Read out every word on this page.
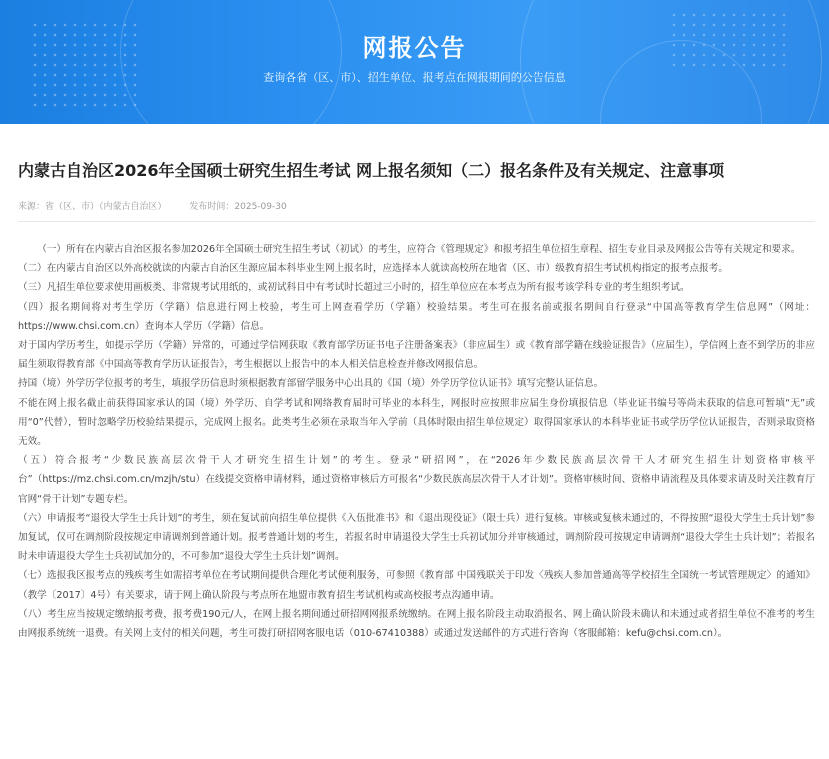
网报公告
查询各省（区、市）、招生单位、报考点在网报期间的公告信息
内蒙古自治区2026年全国硕士研究生招生考试 网上报名须知（二）报名条件及有关规定、注意事项
来源：省（区、市）（内蒙古自治区）	发布时间：2025-09-30

（一）所有在内蒙古自治区报名参加2026年全国硕士研究生招生考试（初试）的考生，应符合《管理规定》和报考招生单位招生章程、招生专业目录及网报公告等有关规定和要求。

（二）在内蒙古自治区以外高校就读的内蒙古自治区生源应届本科毕业生网上报名时，应选择本人就读高校所在地省（区、市）级教育招生考试机构指定的报考点报考。

（三）凡招生单位要求使用画板类、非常规考试用纸的，或初试科目中有考试时长超过三小时的，招生单位应在本考点为所有报考该学科专业的考生组织考试。

（四）报名期间将对考生学历（学籍）信息进行网上校验，考生可上网查看学历（学籍）校验结果。考生可在报名前或报名期间自行登录“中国高等教育学生信息网”（网址：https://www.chsi.com.cn）查询本人学历（学籍）信息。

对于国内学历考生，如提示学历（学籍）异常的，可通过学信网获取《教育部学历证书电子注册备案表》（非应届生）或《教育部学籍在线验证报告》（应届生），学信网上查不到学历的非应届生须取得教育部《中国高等教育学历认证报告》，考生根据以上报告中的本人相关信息检查并修改网报信息。

持国（境）外学历学位报考的考生，填报学历信息时须根据教育部留学服务中心出具的《国（境）外学历学位认证书》填写完整认证信息。

不能在网上报名截止前获得国家承认的国（境）外学历、自学考试和网络教育届时可毕业的本科生，网报时应按照非应届生身份填报信息（毕业证书编号等尚未获取的信息可暂填“无”或用“0”代替），暂时忽略学历校验结果提示，完成网上报名。此类考生必须在录取当年入学前（具体时限由招生单位规定）取得国家承认的本科毕业证书或学历学位认证报告，否则录取资格无效。

（五）符合报考“少数民族高层次骨干人才研究生招生计划”的考生。登录“研招网”，在“2026年少数民族高层次骨干人才研究生招生计划资格审核平台”（https://mz.chsi.com.cn/mzjh/stu）在线提交资格申请材料，通过资格审核后方可报名“少数民族高层次骨干人才计划”。资格审核时间、资格申请流程及具体要求请及时关注教育厅官网“骨干计划”专题专栏。

（六）申请报考“退役大学生士兵计划”的考生，须在复试前向招生单位提供《入伍批准书》和《退出现役证》（限士兵）进行复核。审核或复核未通过的，不得按照“退役大学生士兵计划”参加复试，仅可在调剂阶段按规定申请调剂到普通计划。报考普通计划的考生，若报名时申请退役大学生士兵初试加分并审核通过，调剂阶段可按规定申请调剂“退役大学生士兵计划”；若报名时未申请退役大学生士兵初试加分的，不可参加“退役大学生士兵计划”调剂。

（七）选报我区报考点的残疾考生如需招考单位在考试期间提供合理化考试便利服务，可参照《教育部 中国残联关于印发〈残疾人参加普通高等学校招生全国统一考试管理规定〉的通知》（教学〔2017〕4号）有关要求，请于网上确认阶段与考点所在地盟市教育招生考试机构或高校报考点沟通申请。

（八）考生应当按规定缴纳报考费，报考费190元/人，在网上报名期间通过研招网网报系统缴纳。在网上报名阶段主动取消报名、网上确认阶段未确认和未通过或者招生单位不准考的考生由网报系统统一退费。有关网上支付的相关问题，考生可拨打研招网客服电话（010-67410388）或通过发送邮件的方式进行咨询（客服邮箱：kefu@chsi.com.cn）。
